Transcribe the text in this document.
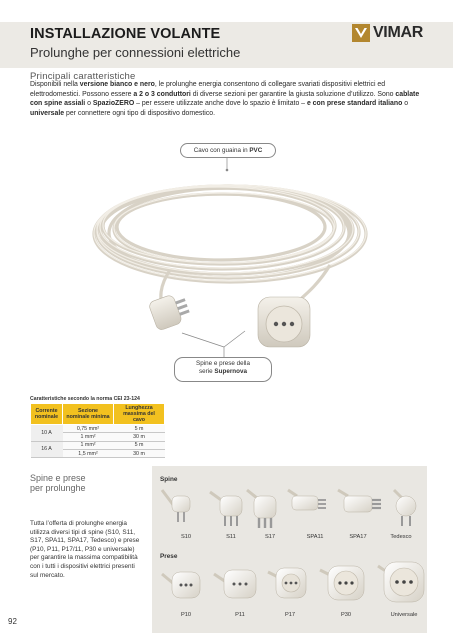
INSTALLAZIONE VOLANTE
Prolunghe per connessioni elettriche
VIMAR
Principali caratteristiche
Disponibili nella versione bianco e nero, le prolunghe energia consentono di collegare svariati dispositivi elettrici ed elettrodomestici. Possono essere a 2 o 3 conduttori di diverse sezioni per garantire la giusta soluzione d’utilizzo. Sono cablate con spine assiali o SpazioZERO – per essere utilizzate anche dove lo spazio è limitato – e con prese standard italiano o universale per connettere ogni tipo di dispositivo domestico.
Cavo con guaina in PVC
Spine e prese della
serie Supernova
Caratteristiche secondo la norma CEI 23-124
Corrente nominale	Sezione nominale minima	Lunghezza massima del cavo
10 A	0,75 mm²	5 m
	1 mm²	30 m
16 A	1 mm²	5 m
	1,5 mm²	30 m
Spine e prese
per prolunghe
Tutta l’offerta di prolunghe energia utilizza diversi tipi di spine (S10, S11, S17, SPA11, SPA17, Tedesco) e prese (P10, P11, P17/11, P30 e universale) per garantire la massima compatibilità con i tutti i dispositivi elettrici presenti sul mercato.
Spine
Prese
S10	S11	S17	SPA11	SPA17	Tedesco
P10	P11	P17	P30	Universale
92
